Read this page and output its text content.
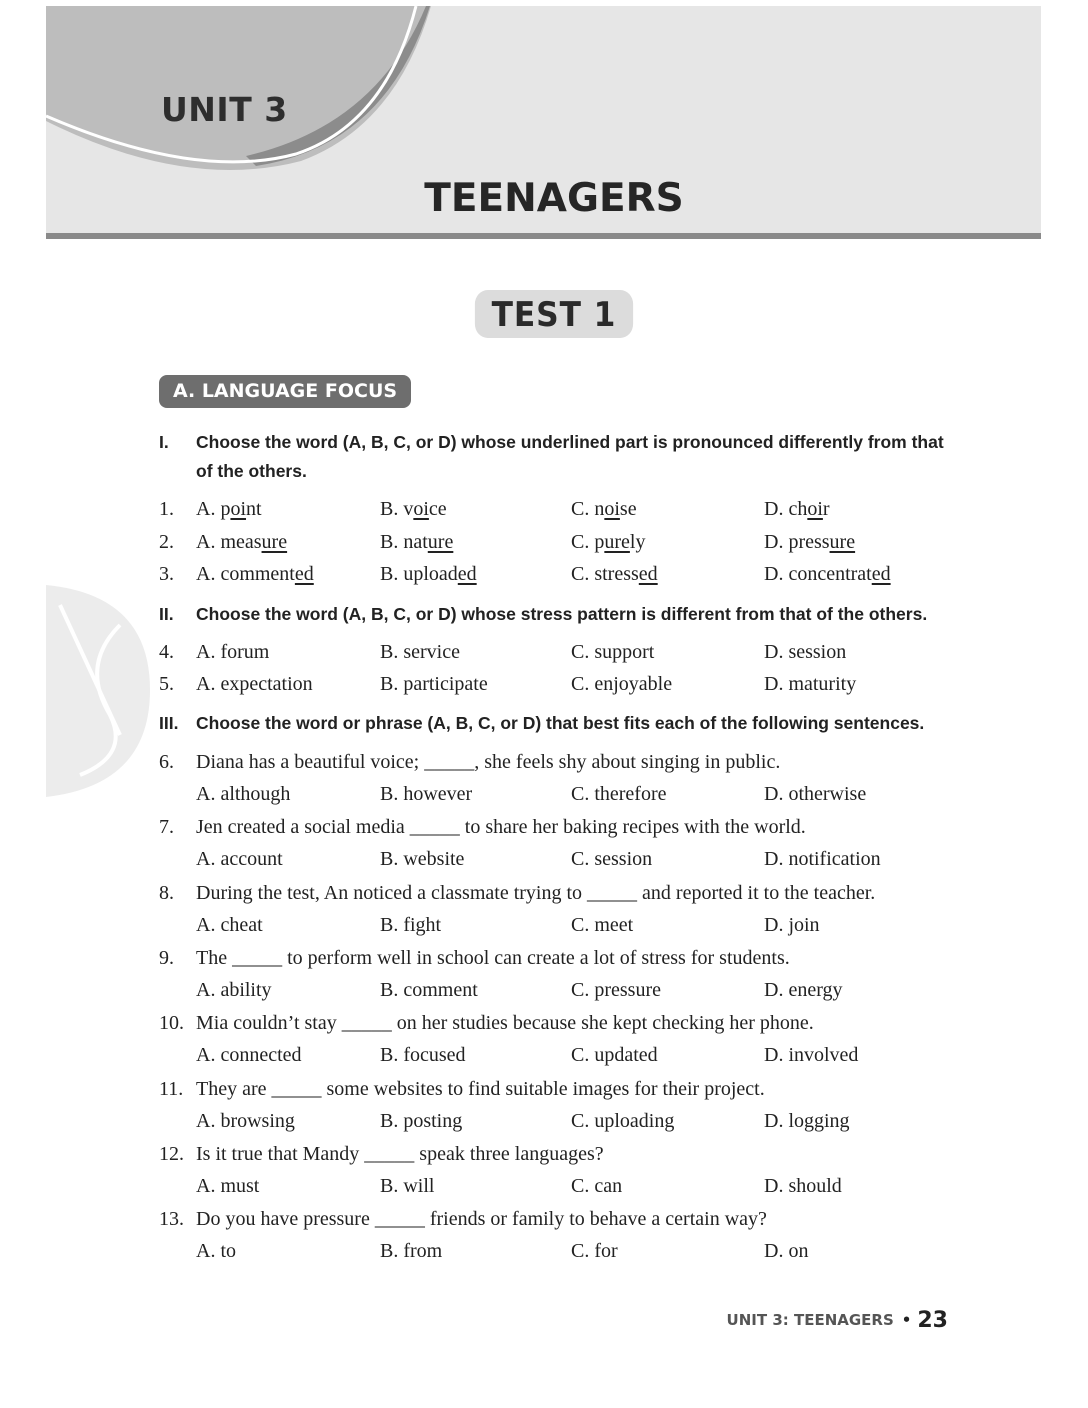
UNIT 3
TEENAGERS
TEST 1
A. LANGUAGE FOCUS
I. Choose the word (A, B, C, or D) whose underlined part is pronounced differently from that of the others.
II. Choose the word (A, B, C, or D) whose stress pattern is different from that of the others.
III. Choose the word or phrase (A, B, C, or D) that best fits each of the following sentences.
UNIT 3: TEENAGERS • 23
1. A. point	B. voice	C. noise	D. choir
2. A. measure	B. nature	C. purely	D. pressure
3. A. commented	B. uploaded	C. stressed	D. concentrated
4. A. forum	B. service	C. support	D. session
5. A. expectation	B. participate	C. enjoyable	D. maturity
6. Diana has a beautiful voice; _____, she feels shy about singing in public.
A. although	B. however	C. therefore	D. otherwise
7. Jen created a social media _____ to share her baking recipes with the world.
A. account	B. website	C. session	D. notification
8. During the test, An noticed a classmate trying to _____ and reported it to the teacher.
A. cheat	B. fight	C. meet	D. join
9. The _____ to perform well in school can create a lot of stress for students.
A. ability	B. comment	C. pressure	D. energy
10. Mia couldn’t stay _____ on her studies because she kept checking her phone.
A. connected	B. focused	C. updated	D. involved
11. They are _____ some websites to find suitable images for their project.
A. browsing	B. posting	C. uploading	D. logging
12. Is it true that Mandy _____ speak three languages?
A. must	B. will	C. can	D. should
13. Do you have pressure _____ friends or family to behave a certain way?
A. to	B. from	C. for	D. on
